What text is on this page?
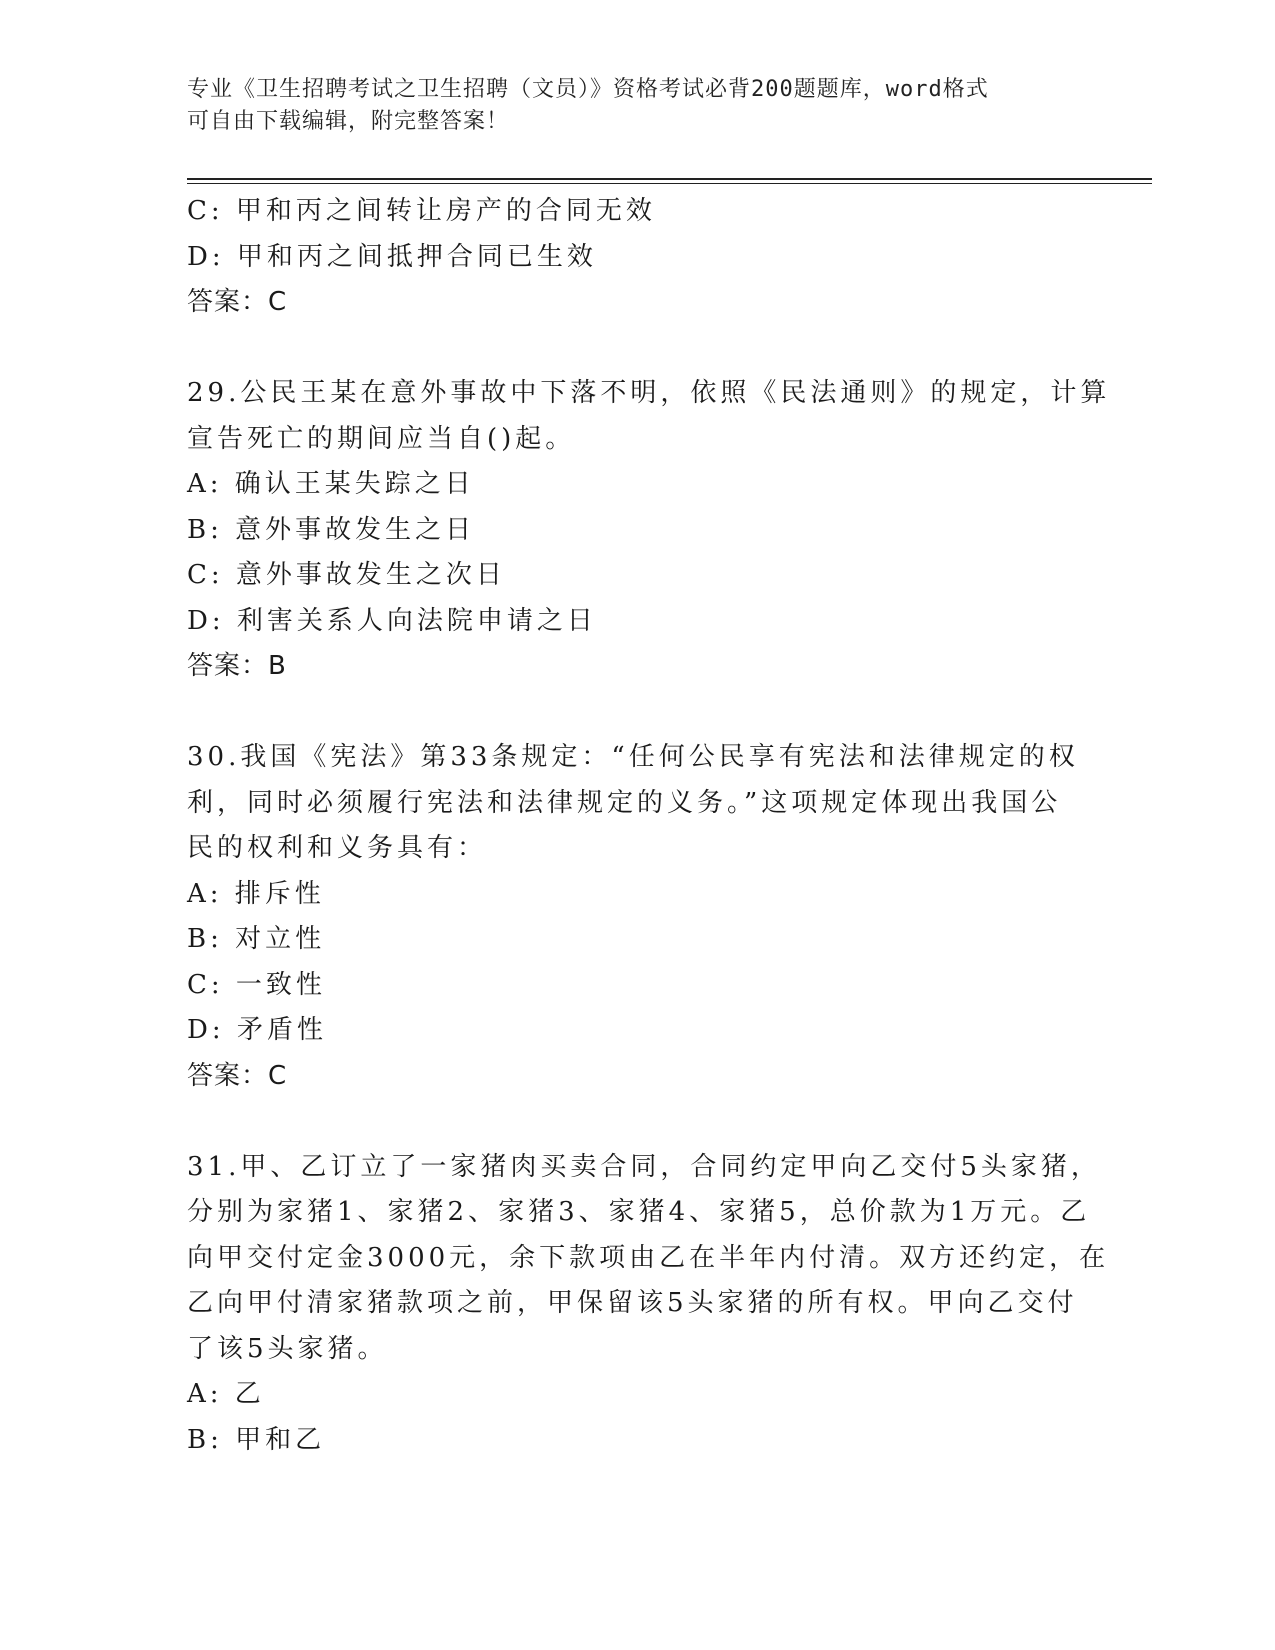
专业《卫生招聘考试之卫生招聘（文员）》资格考试必背200题题库，word格式
可自由下载编辑，附完整答案！
C: 甲和丙之间转让房产的合同无效
D: 甲和丙之间抵押合同已生效
答案：C
29.公民王某在意外事故中下落不明，依照《民法通则》的规定，计算
宣告死亡的期间应当自()起。
A: 确认王某失踪之日
B: 意外事故发生之日
C: 意外事故发生之次日
D: 利害关系人向法院申请之日
答案：B
30.我国《宪法》第33条规定：“任何公民享有宪法和法律规定的权
利，同时必须履行宪法和法律规定的义务。”这项规定体现出我国公
民的权利和义务具有：
A: 排斥性
B: 对立性
C: 一致性
D: 矛盾性
答案：C
31.甲、乙订立了一家猪肉买卖合同，合同约定甲向乙交付5头家猪，
分别为家猪1、家猪2、家猪3、家猪4、家猪5，总价款为1万元。乙
向甲交付定金3000元，余下款项由乙在半年内付清。双方还约定，在
乙向甲付清家猪款项之前，甲保留该5头家猪的所有权。甲向乙交付
了该5头家猪。
A: 乙
B: 甲和乙
